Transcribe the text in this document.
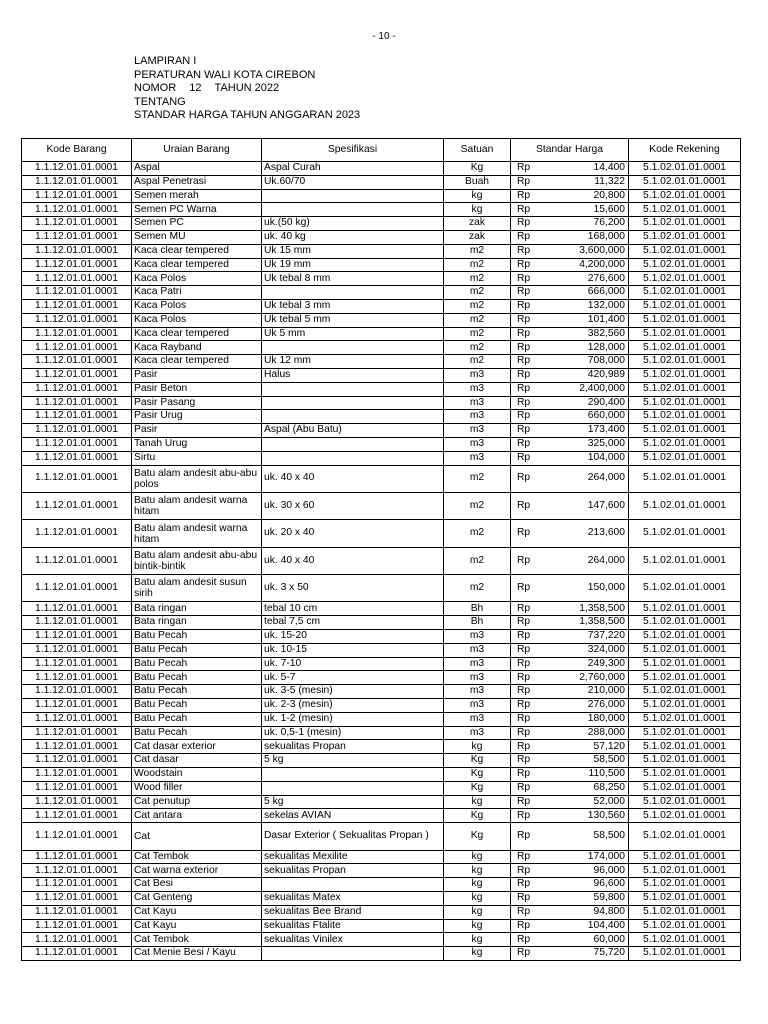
- 10 -
LAMPIRAN I
PERATURAN WALI KOTA CIREBON
NOMOR 12 TAHUN 2022
TENTANG
STANDAR HARGA TAHUN ANGGARAN 2023
Kode Barang	Uraian Barang	Spesifikasi	Satuan	Standar Harga		Kode Rekening
1.1.12.01.01.0001	Aspal	Aspal Curah	Kg	Rp	14,400	5.1.02.01.01.0001
1.1.12.01.01.0001	Aspal Penetrasi	Uk.60/70	Buah	Rp	11,322	5.1.02.01.01.0001
1.1.12.01.01.0001	Semen merah		kg	Rp	20,800	5.1.02.01.01.0001
1.1.12.01.01.0001	Semen PC Warna		kg	Rp	15,600	5.1.02.01.01.0001
1.1.12.01.01.0001	Semen PC	uk.(50 kg)	zak	Rp	76,200	5.1.02.01.01.0001
1.1.12.01.01.0001	Semen MU	uk. 40 kg	zak	Rp	168,000	5.1.02.01.01.0001
1.1.12.01.01.0001	Kaca clear tempered	Uk 15 mm	m2	Rp	3,600,000	5.1.02.01.01.0001
1.1.12.01.01.0001	Kaca clear tempered	Uk 19 mm	m2	Rp	4,200,000	5.1.02.01.01.0001
1.1.12.01.01.0001	Kaca Polos	Uk tebal 8 mm	m2	Rp	276,600	5.1.02.01.01.0001
1.1.12.01.01.0001	Kaca Patri		m2	Rp	666,000	5.1.02.01.01.0001
1.1.12.01.01.0001	Kaca Polos	Uk tebal 3 mm	m2	Rp	132,000	5.1.02.01.01.0001
1.1.12.01.01.0001	Kaca Polos	Uk tebal 5 mm	m2	Rp	101,400	5.1.02.01.01.0001
1.1.12.01.01.0001	Kaca clear tempered	Uk 5 mm	m2	Rp	382,560	5.1.02.01.01.0001
1.1.12.01.01.0001	Kaca Rayband		m2	Rp	128,000	5.1.02.01.01.0001
1.1.12.01.01.0001	Kaca clear tempered	Uk 12 mm	m2	Rp	708,000	5.1.02.01.01.0001
1.1.12.01.01.0001	Pasir	Halus	m3	Rp	420,989	5.1.02.01.01.0001
1.1.12.01.01.0001	Pasir Beton		m3	Rp	2,400,000	5.1.02.01.01.0001
1.1.12.01.01.0001	Pasir Pasang		m3	Rp	290,400	5.1.02.01.01.0001
1.1.12.01.01.0001	Pasir Urug		m3	Rp	660,000	5.1.02.01.01.0001
1.1.12.01.01.0001	Pasir	Aspal (Abu Batu)	m3	Rp	173,400	5.1.02.01.01.0001
1.1.12.01.01.0001	Tanah Urug		m3	Rp	325,000	5.1.02.01.01.0001
1.1.12.01.01.0001	Sirtu		m3	Rp	104,000	5.1.02.01.01.0001
1.1.12.01.01.0001	Batu alam andesit abu-abu polos	uk. 40 x 40	m2	Rp	264,000	5.1.02.01.01.0001
1.1.12.01.01.0001	Batu alam andesit warna hitam	uk. 30 x 60	m2	Rp	147,600	5.1.02.01.01.0001
1.1.12.01.01.0001	Batu alam andesit warna hitam	uk. 20 x 40	m2	Rp	213,600	5.1.02.01.01.0001
1.1.12.01.01.0001	Batu alam andesit abu-abu bintik-bintik	uk. 40 x 40	m2	Rp	264,000	5.1.02.01.01.0001
1.1.12.01.01.0001	Batu alam andesit susun sirih	uk. 3 x 50	m2	Rp	150,000	5.1.02.01.01.0001
1.1.12.01.01.0001	Bata ringan	tebal 10 cm	Bh	Rp	1,358,500	5.1.02.01.01.0001
1.1.12.01.01.0001	Bata ringan	tebal 7,5 cm	Bh	Rp	1,358,500	5.1.02.01.01.0001
1.1.12.01.01.0001	Batu Pecah	uk. 15-20	m3	Rp	737,220	5.1.02.01.01.0001
1.1.12.01.01.0001	Batu Pecah	uk. 10-15	m3	Rp	324,000	5.1.02.01.01.0001
1.1.12.01.01.0001	Batu Pecah	uk. 7-10	m3	Rp	249,300	5.1.02.01.01.0001
1.1.12.01.01.0001	Batu Pecah	uk. 5-7	m3	Rp	2,760,000	5.1.02.01.01.0001
1.1.12.01.01.0001	Batu Pecah	uk. 3-5 (mesin)	m3	Rp	210,000	5.1.02.01.01.0001
1.1.12.01.01.0001	Batu Pecah	uk. 2-3 (mesin)	m3	Rp	276,000	5.1.02.01.01.0001
1.1.12.01.01.0001	Batu Pecah	uk. 1-2 (mesin)	m3	Rp	180,000	5.1.02.01.01.0001
1.1.12.01.01.0001	Batu Pecah	uk. 0,5-1 (mesin)	m3	Rp	288,000	5.1.02.01.01.0001
1.1.12.01.01.0001	Cat dasar exterior	sekualitas Propan	kg	Rp	57,120	5.1.02.01.01.0001
1.1.12.01.01.0001	Cat dasar	5 kg	Kg	Rp	58,500	5.1.02.01.01.0001
1.1.12.01.01.0001	Woodstain		Kg	Rp	110,500	5.1.02.01.01.0001
1.1.12.01.01.0001	Wood filler		Kg	Rp	68,250	5.1.02.01.01.0001
1.1.12.01.01.0001	Cat penutup	5 kg	kg	Rp	52,000	5.1.02.01.01.0001
1.1.12.01.01.0001	Cat antara	sekelas AVIAN	Kg	Rp	130,560	5.1.02.01.01.0001
1.1.12.01.01.0001	Cat	Dasar Exterior ( Sekualitas Propan )	Kg	Rp	58,500	5.1.02.01.01.0001
1.1.12.01.01.0001	Cat Tembok	sekualitas Mexilite	kg	Rp	174,000	5.1.02.01.01.0001
1.1.12.01.01.0001	Cat warna exterior	sekualitas Propan	kg	Rp	96,000	5.1.02.01.01.0001
1.1.12.01.01.0001	Cat Besi		kg	Rp	96,600	5.1.02.01.01.0001
1.1.12.01.01.0001	Cat Genteng	sekualitas Matex	kg	Rp	59,800	5.1.02.01.01.0001
1.1.12.01.01.0001	Cat Kayu	sekualitas Bee Brand	kg	Rp	94,800	5.1.02.01.01.0001
1.1.12.01.01.0001	Cat Kayu	sekualitas Ftalite	kg	Rp	104,400	5.1.02.01.01.0001
1.1.12.01.01.0001	Cat Tembok	sekualitas Vinilex	kg	Rp	60,000	5.1.02.01.01.0001
1.1.12.01.01.0001	Cat Menie Besi / Kayu		kg	Rp	75,720	5.1.02.01.01.0001
